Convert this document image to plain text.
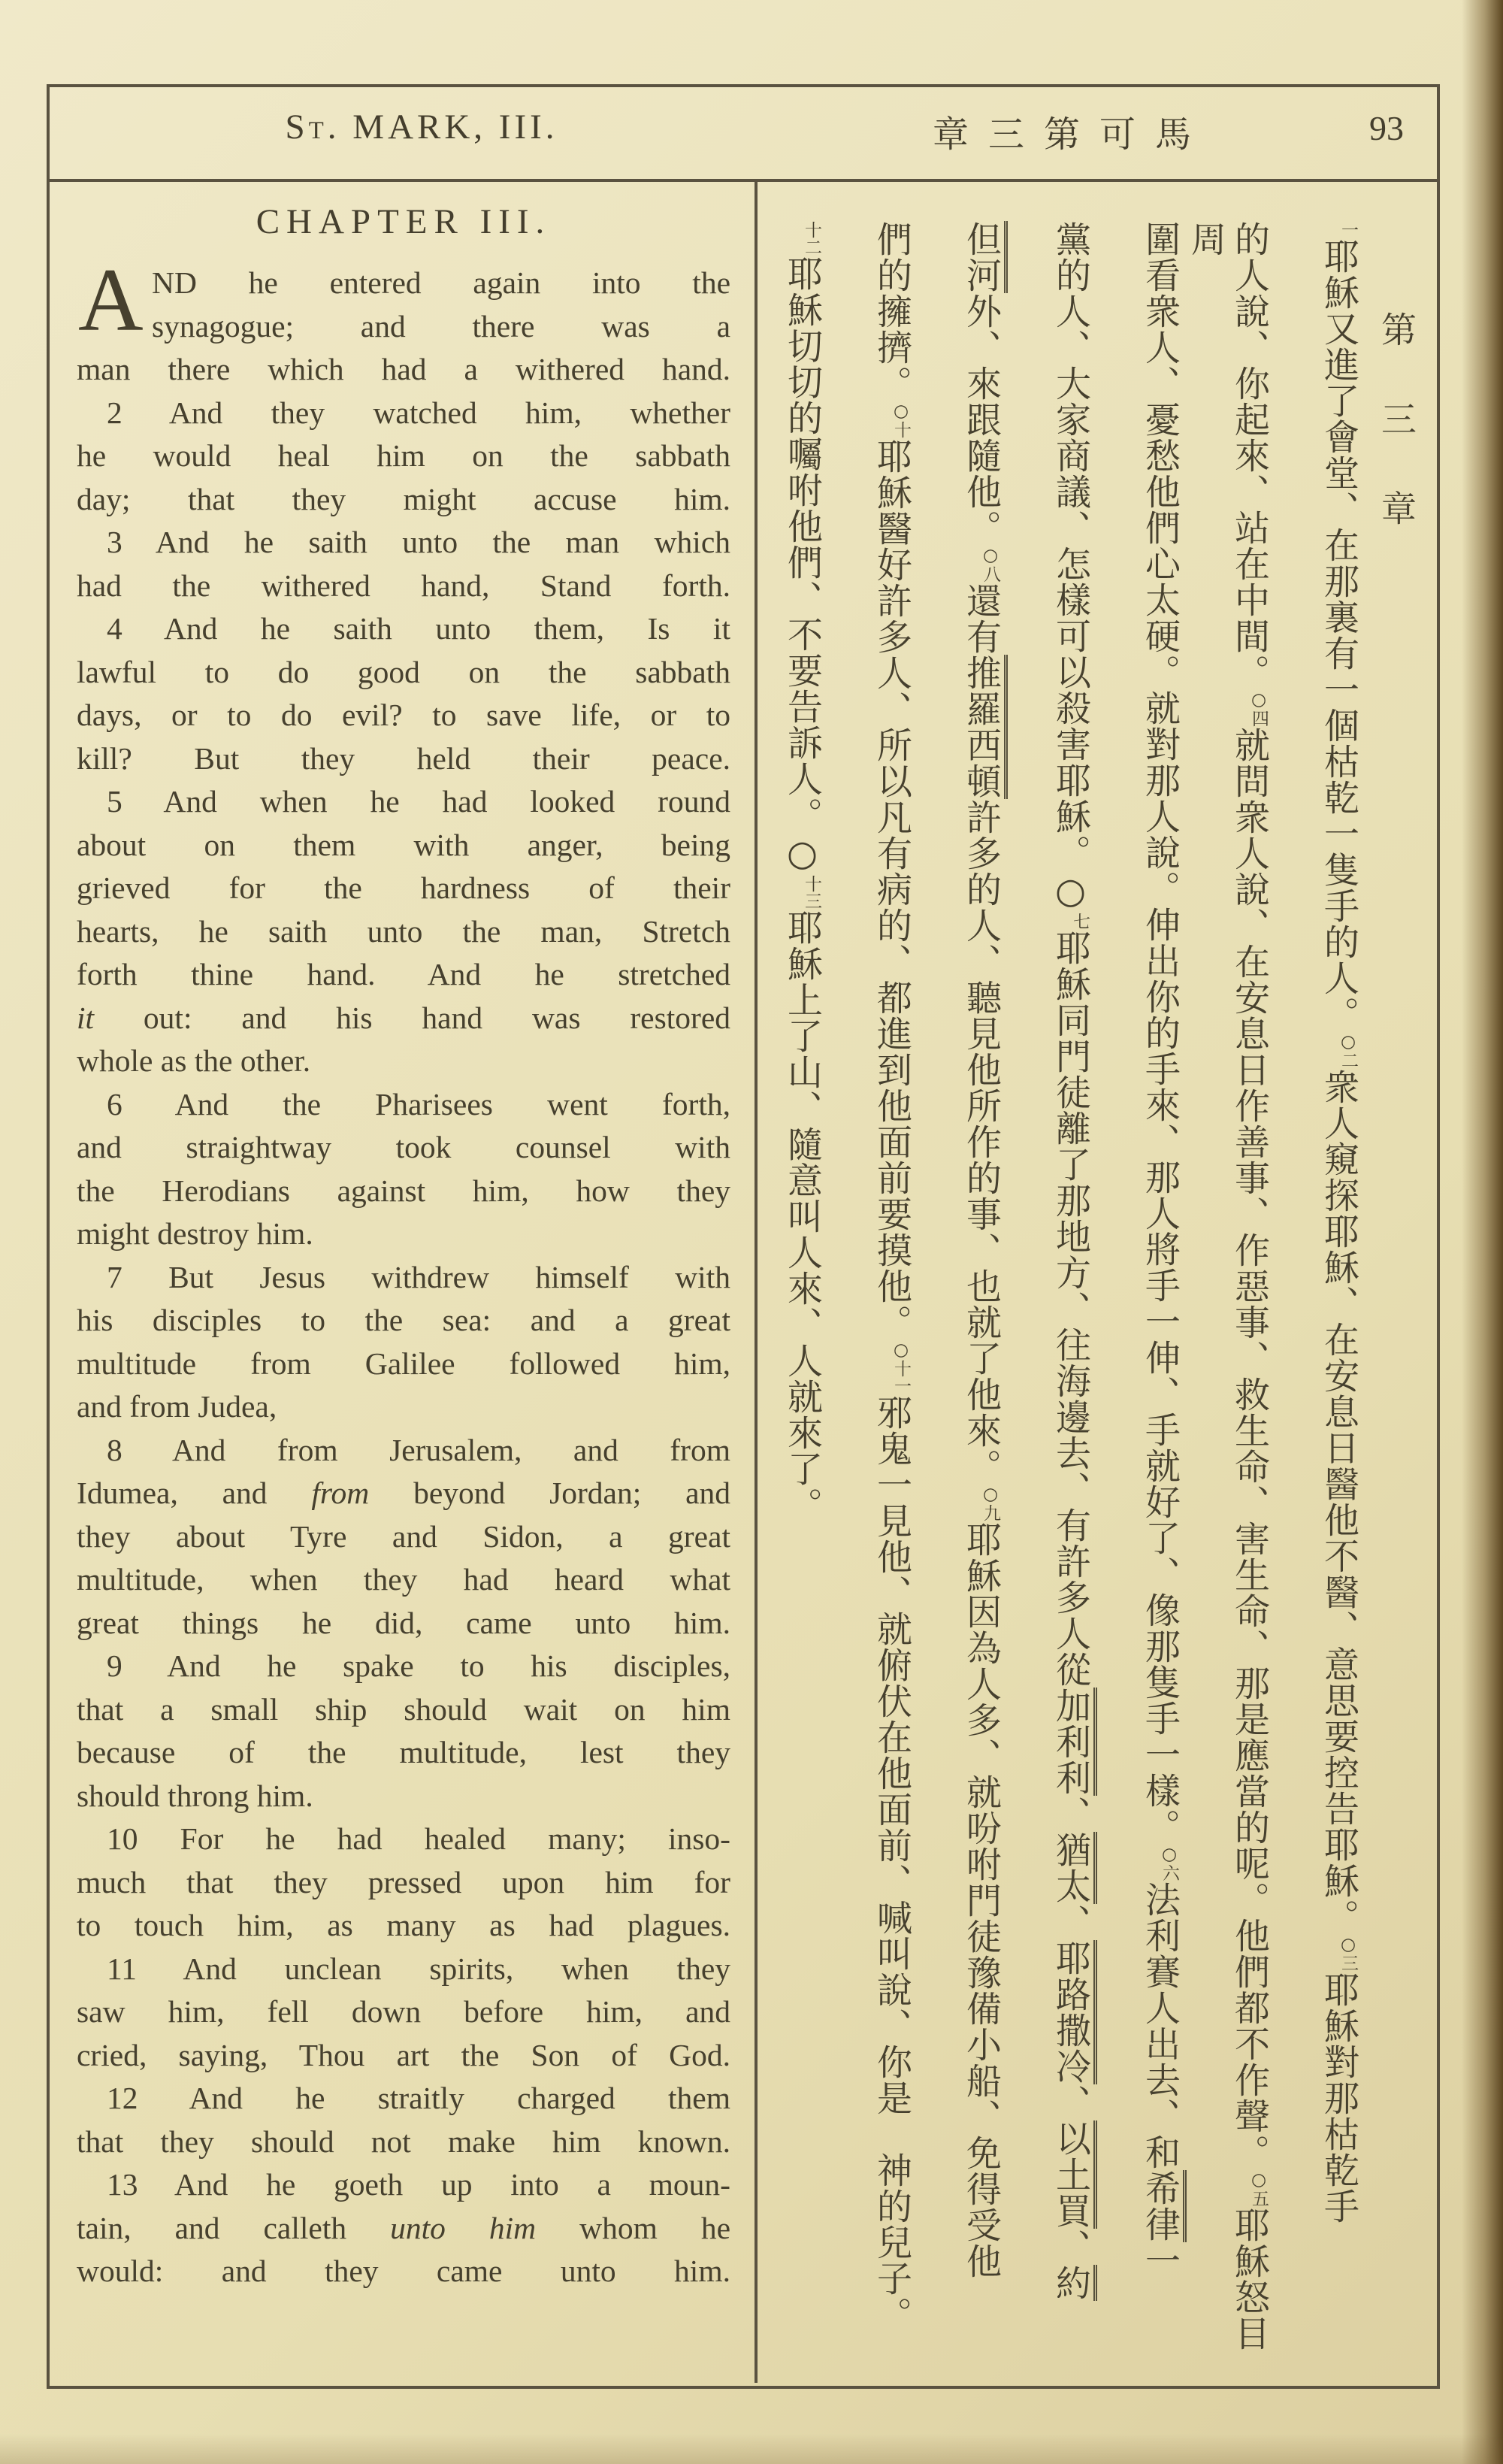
St. MARK, III.	章三第可馬	93
CHAPTER III.
A ND he entered again into the
synagogue; and there was a
man there which had a withered hand.
2 And they watched him, whether
he would heal him on the sabbath
day; that they might accuse him.
3 And he saith unto the man which
had the withered hand, Stand forth.
4 And he saith unto them, Is it
lawful to do good on the sabbath
days, or to do evil? to save life, or to
kill? But they held their peace.
5 And when he had looked round
about on them with anger, being
grieved for the hardness of their
hearts, he saith unto the man, Stretch
forth thine hand. And he stretched
it out: and his hand was restored
whole as the other.
6 And the Pharisees went forth,
and straightway took counsel with
the Herodians against him, how they
might destroy him.
7 But Jesus withdrew himself with
his disciples to the sea: and a great
multitude from Galilee followed him,
and from Judea,
8 And from Jerusalem, and from
Idumea, and from beyond Jordan; and
they about Tyre and Sidon, a great
multitude, when they had heard what
great things he did, came unto him.
9 And he spake to his disciples,
that a small ship should wait on him
because of the multitude, lest they
should throng him.
10 For he had healed many; inso-
much that they pressed upon him for
to touch him, as many as had plagues.
11 And unclean spirits, when they
saw him, fell down before him, and
cried, saying, Thou art the Son of God.
12 And he straitly charged them
that they should not make him known.
13 And he goeth up into a moun-
tain, and calleth unto him whom he
would: and they came unto him.
第三章
一耶穌又進了會堂、在那裏有一個枯乾一隻手的人。○二衆人窺探耶穌、在安息日醫他不醫、意思要控告耶穌。○三耶穌對那枯乾手
的人說、你起來、站在中間。○四就問衆人說、在安息日作善事、作惡事、救生命、害生命、那是應當的呢。他們都不作聲。○五耶穌怒目周
圍看衆人、憂愁他們心太硬。就對那人說。伸出你的手來、那人將手一伸、手就好了、像那隻手一樣。○六法利賽人出去、和希律一
黨的人、大家商議、怎樣可以殺害耶穌。○七耶穌同門徒離了那地方、往海邊去、有許多人從加利利、猶太、耶路撒冷、以土買、約
但河外、來跟隨他。○八還有推羅西頓許多的人、聽見他所作的事、也就了他來。○九耶穌因為人多、就吩咐門徒豫備小船、免得受他
們的擁擠。○十耶穌醫好許多人、所以凡有病的、都進到他面前要摸他。○十一邪鬼一見他、就俯伏在他面前、喊叫說、你是　神的兒子。
十二耶穌切切的囑咐他們、不要告訴人。○十三耶穌上了山、隨意叫人來、人就來了。
